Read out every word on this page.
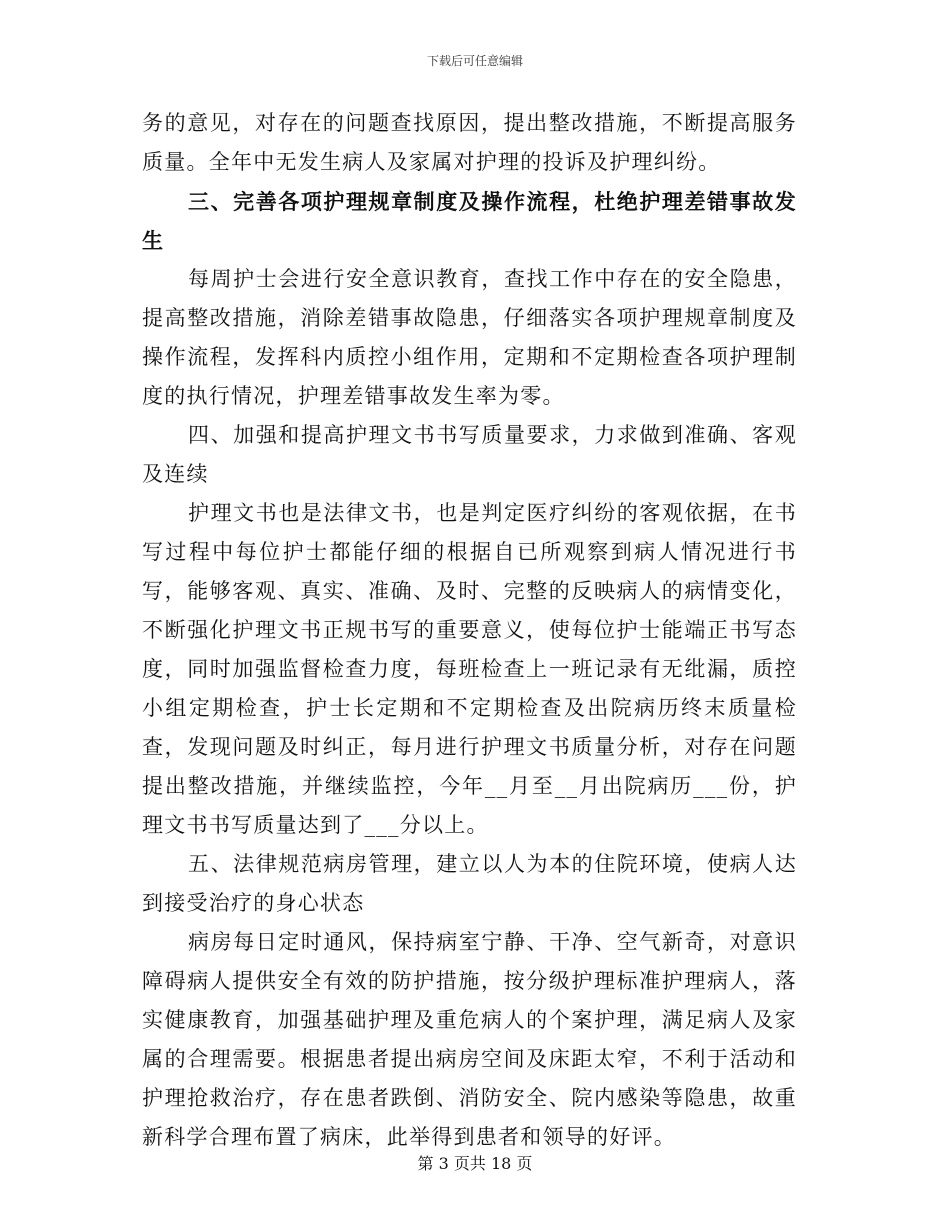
下载后可任意编辑

务的意见，对存在的问题查找原因，提出整改措施，不断提高服务质量。全年中无发生病人及家属对护理的投诉及护理纠纷。

三、完善各项护理规章制度及操作流程，杜绝护理差错事故发生

每周护士会进行安全意识教育，查找工作中存在的安全隐患，提高整改措施，消除差错事故隐患，仔细落实各项护理规章制度及操作流程，发挥科内质控小组作用，定期和不定期检查各项护理制度的执行情况，护理差错事故发生率为零。

四、加强和提高护理文书书写质量要求，力求做到准确、客观及连续

护理文书也是法律文书，也是判定医疗纠纷的客观依据，在书写过程中每位护士都能仔细的根据自已所观察到病人情况进行书写，能够客观、真实、准确、及时、完整的反映病人的病情变化，不断强化护理文书正规书写的重要意义，使每位护士能端正书写态度，同时加强监督检查力度，每班检查上一班记录有无纰漏，质控小组定期检查，护士长定期和不定期检查及出院病历终末质量检查，发现问题及时纠正，每月进行护理文书质量分析，对存在问题提出整改措施，并继续监控，今年__月至__月出院病历___份，护理文书书写质量达到了___分以上。

五、法律规范病房管理，建立以人为本的住院环境，使病人达到接受治疗的身心状态

病房每日定时通风，保持病室宁静、干净、空气新奇，对意识障碍病人提供安全有效的防护措施，按分级护理标准护理病人，落实健康教育，加强基础护理及重危病人的个案护理，满足病人及家属的合理需要。根据患者提出病房空间及床距太窄，不利于活动和护理抢救治疗，存在患者跌倒、消防安全、院内感染等隐患，故重新科学合理布置了病床，此举得到患者和领导的好评。

第 3 页共 18 页
